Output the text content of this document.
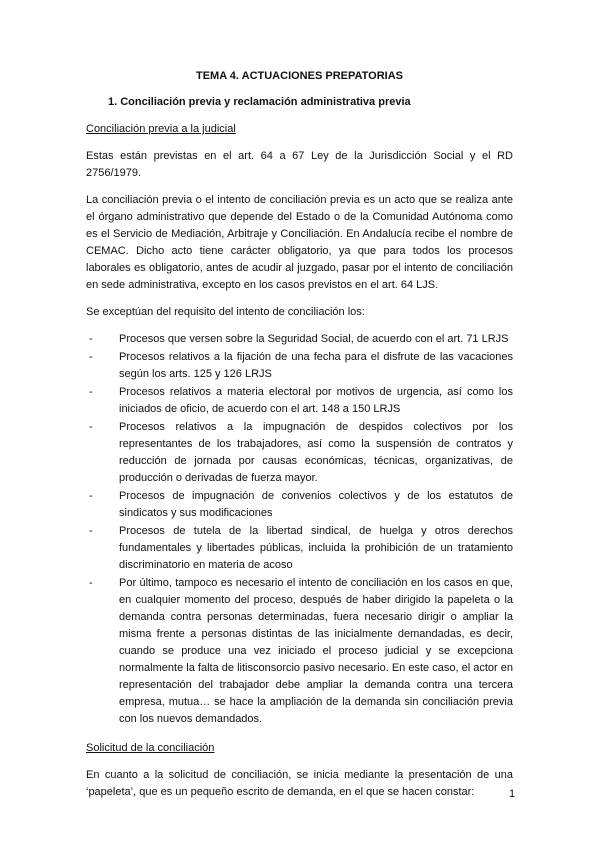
TEMA 4. ACTUACIONES PREPATORIAS
1. Conciliación previa y reclamación administrativa previa
Conciliación previa a la judicial

Estas están previstas en el art. 64 a 67 Ley de la Jurisdicción Social y el RD 2756/1979.

La conciliación previa o el intento de conciliación previa es un acto que se realiza ante el órgano administrativo que depende del Estado o de la Comunidad Autónoma como es el Servicio de Mediación, Arbitraje y Conciliación. En Andalucía recibe el nombre de CEMAC. Dicho acto tiene carácter obligatorio, ya que para todos los procesos laborales es obligatorio, antes de acudir al juzgado, pasar por el intento de conciliación en sede administrativa, excepto en los casos previstos en el art. 64 LJS.

Se exceptúan del requisito del intento de conciliación los:

- Procesos que versen sobre la Seguridad Social, de acuerdo con el art. 71 LRJS
- Procesos relativos a la fijación de una fecha para el disfrute de las vacaciones según los arts. 125 y 126 LRJS
- Procesos relativos a materia electoral por motivos de urgencia, así como los iniciados de oficio, de acuerdo con el art. 148 a 150 LRJS
- Procesos relativos a la impugnación de despidos colectivos por los representantes de los trabajadores, así como la suspensión de contratos y reducción de jornada por causas económicas, técnicas, organizativas, de producción o derivadas de fuerza mayor.
- Procesos de impugnación de convenios colectivos y de los estatutos de sindicatos y sus modificaciones
- Procesos de tutela de la libertad sindical, de huelga y otros derechos fundamentales y libertades públicas, incluida la prohibición de un tratamiento discriminatorio en materia de acoso
- Por último, tampoco es necesario el intento de conciliación en los casos en que, en cualquier momento del proceso, después de haber dirigido la papeleta o la demanda contra personas determinadas, fuera necesario dirigir o ampliar la misma frente a personas distintas de las inicialmente demandadas, es decir, cuando se produce una vez iniciado el proceso judicial y se excepciona normalmente la falta de litisconsorcio pasivo necesario. En este caso, el actor en representación del trabajador debe ampliar la demanda contra una tercera empresa, mutua… se hace la ampliación de la demanda sin conciliación previa con los nuevos demandados.
Solicitud de la conciliación

En cuanto a la solicitud de conciliación, se inicia mediante la presentación de una ‘papeleta’, que es un pequeño escrito de demanda, en el que se hacen constar:	1
